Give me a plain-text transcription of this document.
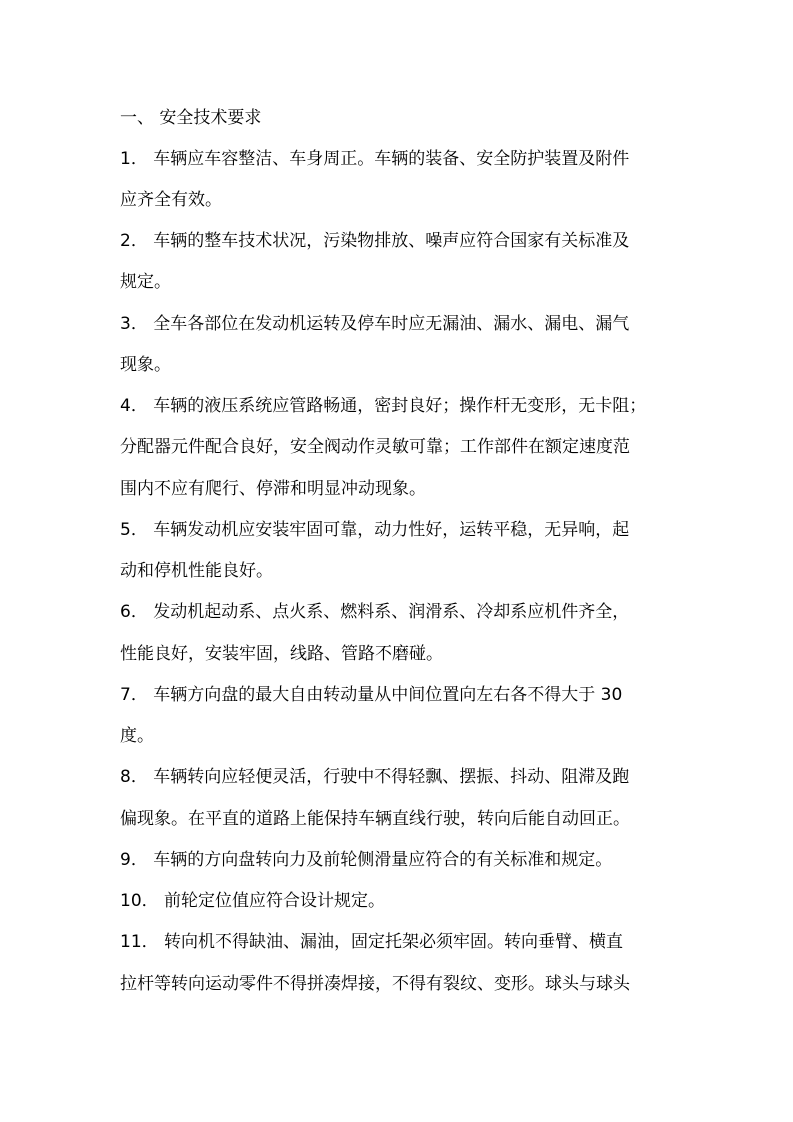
一、 安全技术要求
1． 车辆应车容整洁、车身周正。车辆的装备、安全防护装置及附件
应齐全有效。
2． 车辆的整车技术状况，污染物排放、噪声应符合国家有关标准及
规定。
3． 全车各部位在发动机运转及停车时应无漏油、漏水、漏电、漏气
现象。
4． 车辆的液压系统应管路畅通，密封良好；操作杆无变形，无卡阻；
分配器元件配合良好，安全阀动作灵敏可靠；工作部件在额定速度范
围内不应有爬行、停滞和明显冲动现象。
5． 车辆发动机应安装牢固可靠，动力性好，运转平稳，无异响，起
动和停机性能良好。
6． 发动机起动系、点火系、燃料系、润滑系、冷却系应机件齐全，
性能良好，安装牢固，线路、管路不磨碰。
7． 车辆方向盘的最大自由转动量从中间位置向左右各不得大于 30
度。
8． 车辆转向应轻便灵活，行驶中不得轻飘、摆振、抖动、阻滞及跑
偏现象。在平直的道路上能保持车辆直线行驶，转向后能自动回正。
9． 车辆的方向盘转向力及前轮侧滑量应符合的有关标准和规定。
10． 前轮定位值应符合设计规定。
11． 转向机不得缺油、漏油，固定托架必须牢固。转向垂臂、横直
拉杆等转向运动零件不得拼凑焊接，不得有裂纹、变形。球头与球头
